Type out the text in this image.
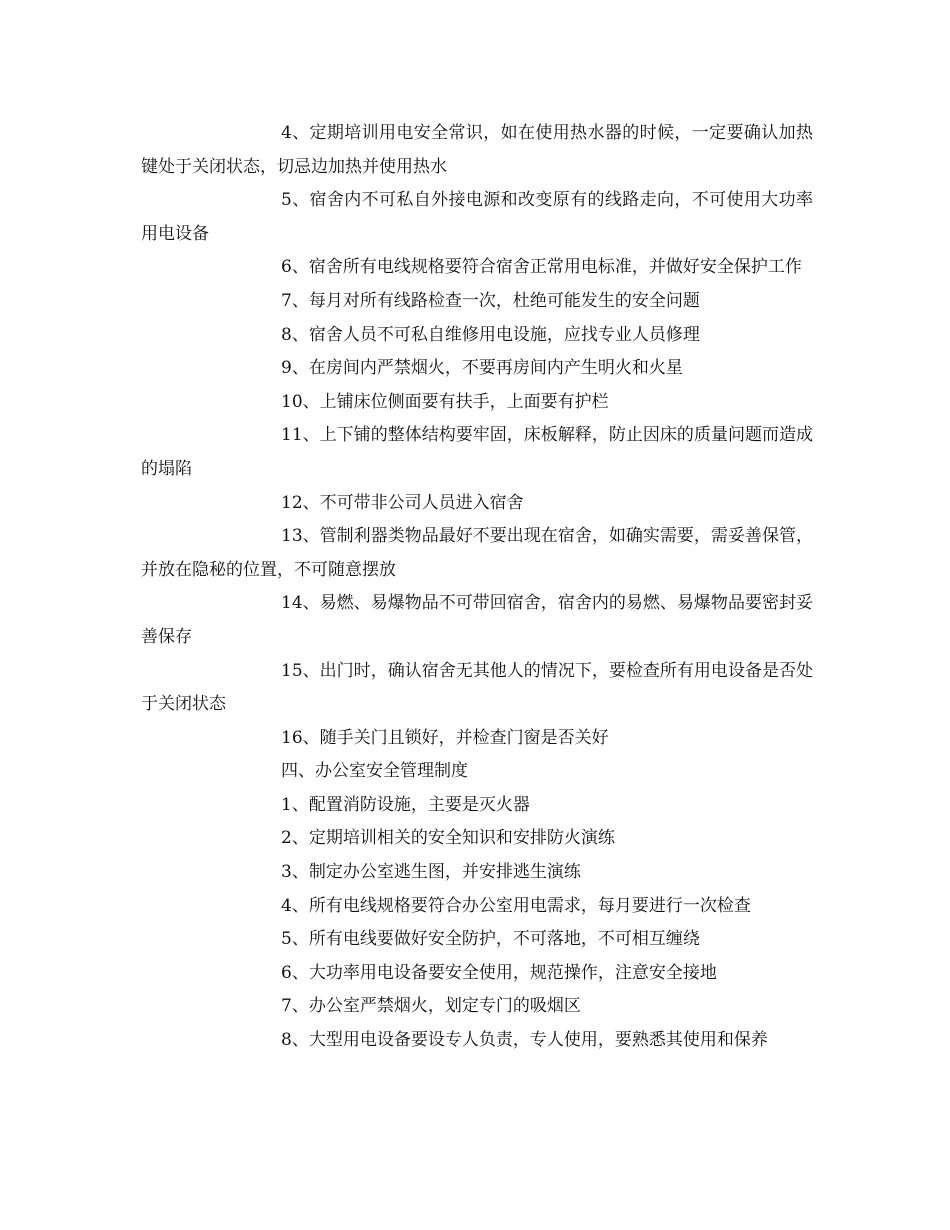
4、定期培训用电安全常识，如在使用热水器的时候，一定要确认加热键处于关闭状态，切忌边加热并使用热水

5、宿舍内不可私自外接电源和改变原有的线路走向，不可使用大功率用电设备

6、宿舍所有电线规格要符合宿舍正常用电标准，并做好安全保护工作

7、每月对所有线路检查一次，杜绝可能发生的安全问题

8、宿舍人员不可私自维修用电设施，应找专业人员修理

9、在房间内严禁烟火，不要再房间内产生明火和火星

10、上铺床位侧面要有扶手，上面要有护栏

11、上下铺的整体结构要牢固，床板解释，防止因床的质量问题而造成的塌陷

12、不可带非公司人员进入宿舍

13、管制利器类物品最好不要出现在宿舍，如确实需要，需妥善保管，并放在隐秘的位置，不可随意摆放

14、易燃、易爆物品不可带回宿舍，宿舍内的易燃、易爆物品要密封妥善保存

15、出门时，确认宿舍无其他人的情况下，要检查所有用电设备是否处于关闭状态

16、随手关门且锁好，并检查门窗是否关好

四、办公室安全管理制度

1、配置消防设施，主要是灭火器

2、定期培训相关的安全知识和安排防火演练

3、制定办公室逃生图，并安排逃生演练

4、所有电线规格要符合办公室用电需求，每月要进行一次检查

5、所有电线要做好安全防护，不可落地，不可相互缠绕

6、大功率用电设备要安全使用，规范操作，注意安全接地

7、办公室严禁烟火，划定专门的吸烟区

8、大型用电设备要设专人负责，专人使用，要熟悉其使用和保养
